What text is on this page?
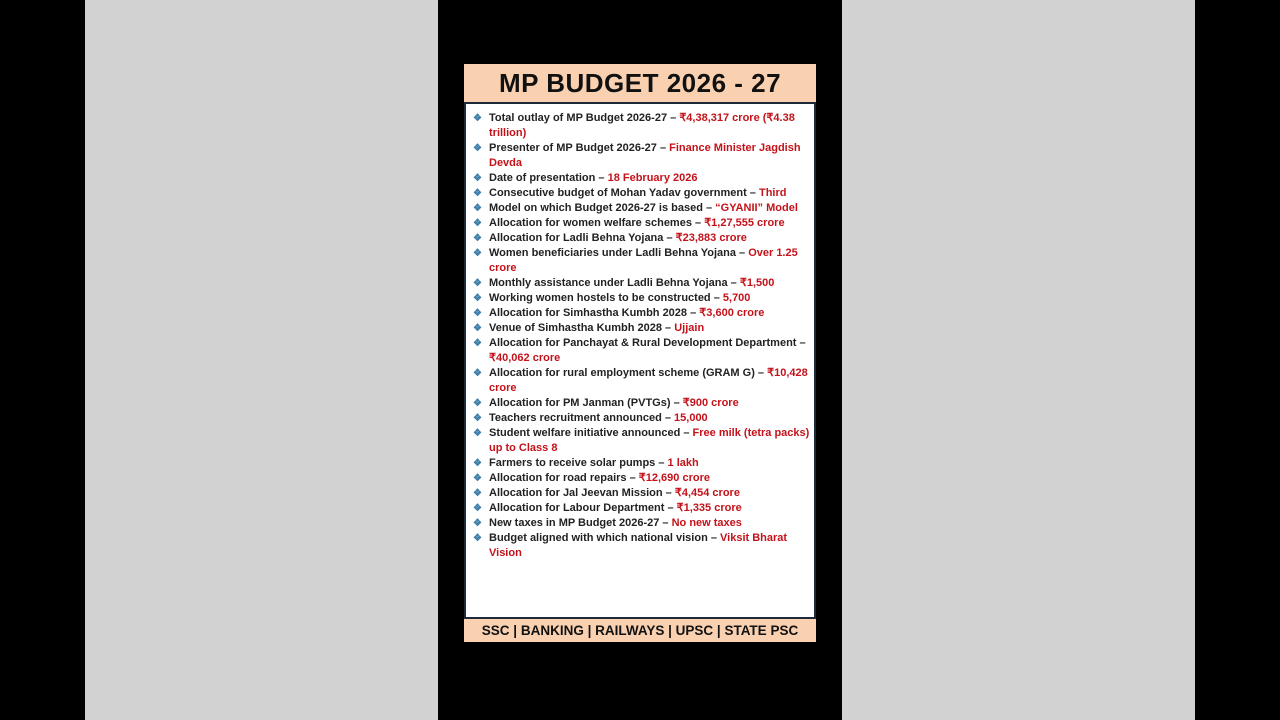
MP BUDGET 2026 - 27
❖ Total outlay of MP Budget 2026-27 – ₹4,38,317 crore (₹4.38 trillion)
❖ Presenter of MP Budget 2026-27 – Finance Minister Jagdish Devda
❖ Date of presentation – 18 February 2026
❖ Consecutive budget of Mohan Yadav government – Third
❖ Model on which Budget 2026-27 is based – “GYANII” Model
❖ Allocation for women welfare schemes – ₹1,27,555 crore
❖ Allocation for Ladli Behna Yojana – ₹23,883 crore
❖ Women beneficiaries under Ladli Behna Yojana – Over 1.25 crore
❖ Monthly assistance under Ladli Behna Yojana – ₹1,500
❖ Working women hostels to be constructed – 5,700
❖ Allocation for Simhastha Kumbh 2028 – ₹3,600 crore
❖ Venue of Simhastha Kumbh 2028 – Ujjain
❖ Allocation for Panchayat & Rural Development Department – ₹40,062 crore
❖ Allocation for rural employment scheme (GRAM G) – ₹10,428 crore
❖ Allocation for PM Janman (PVTGs) – ₹900 crore
❖ Teachers recruitment announced – 15,000
❖ Student welfare initiative announced – Free milk (tetra packs) up to Class 8
❖ Farmers to receive solar pumps – 1 lakh
❖ Allocation for road repairs – ₹12,690 crore
❖ Allocation for Jal Jeevan Mission – ₹4,454 crore
❖ Allocation for Labour Department – ₹1,335 crore
❖ New taxes in MP Budget 2026-27 – No new taxes
❖ Budget aligned with which national vision – Viksit Bharat Vision
SSC | BANKING | RAILWAYS | UPSC | STATE PSC
